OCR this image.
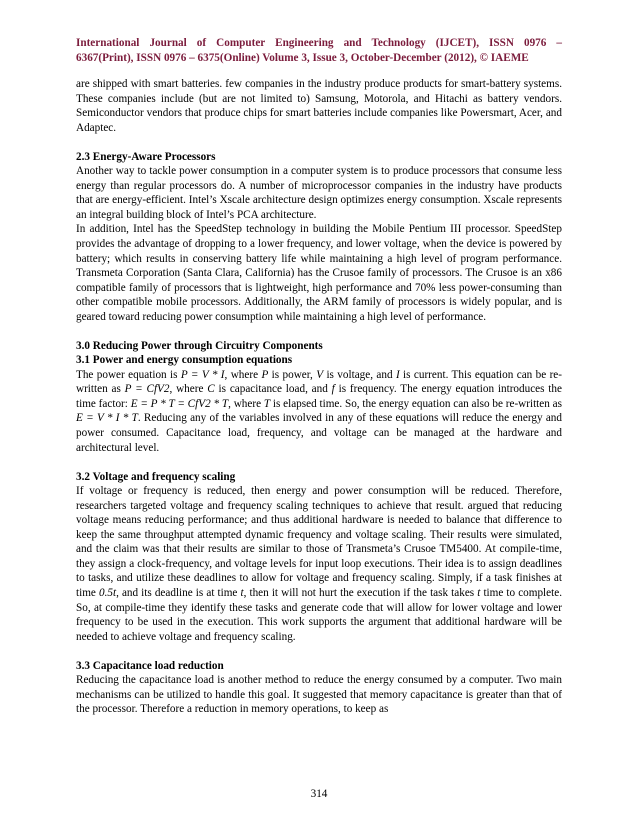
International Journal of Computer Engineering and Technology (IJCET), ISSN 0976 –
6367(Print), ISSN 0976 – 6375(Online) Volume 3, Issue 3, October-December (2012), © IAEME

are shipped with smart batteries. few companies in the industry produce products for smart-battery systems. These companies include (but are not limited to) Samsung, Motorola, and Hitachi as battery vendors. Semiconductor vendors that produce chips for smart batteries include companies like Powersmart, Acer, and Adaptec.

2.3 Energy-Aware Processors

Another way to tackle power consumption in a computer system is to produce processors that consume less energy than regular processors do. A number of microprocessor companies in the industry have products that are energy-efficient. Intel’s Xscale architecture design optimizes energy consumption. Xscale represents an integral building block of Intel’s PCA architecture.

In addition, Intel has the SpeedStep technology in building the Mobile Pentium III processor. SpeedStep provides the advantage of dropping to a lower frequency, and lower voltage, when the device is powered by battery; which results in conserving battery life while maintaining a high level of program performance. Transmeta Corporation (Santa Clara, California) has the Crusoe family of processors. The Crusoe is an x86 compatible family of processors that is lightweight, high performance and 70% less power-consuming than other compatible mobile processors. Additionally, the ARM family of processors is widely popular, and is geared toward reducing power consumption while maintaining a high level of performance.

3.0 Reducing Power through Circuitry Components
3.1 Power and energy consumption equations

The power equation is P = V * I, where P is power, V is voltage, and I is current. This equation can be re-written as P = CfV2, where C is capacitance load, and f is frequency. The energy equation introduces the time factor: E = P * T = CfV2 * T, where T is elapsed time. So, the energy equation can also be re-written as E = V * I * T. Reducing any of the variables involved in any of these equations will reduce the energy and power consumed. Capacitance load, frequency, and voltage can be managed at the hardware and architectural level.

3.2 Voltage and frequency scaling

If voltage or frequency is reduced, then energy and power consumption will be reduced. Therefore, researchers targeted voltage and frequency scaling techniques to achieve that result. argued that reducing voltage means reducing performance; and thus additional hardware is needed to balance that difference to keep the same throughput attempted dynamic frequency and voltage scaling. Their results were simulated, and the claim was that their results are similar to those of Transmeta’s Crusoe TM5400. At compile-time, they assign a clock-frequency, and voltage levels for input loop executions. Their idea is to assign deadlines to tasks, and utilize these deadlines to allow for voltage and frequency scaling. Simply, if a task finishes at time 0.5t, and its deadline is at time t, then it will not hurt the execution if the task takes t time to complete. So, at compile-time they identify these tasks and generate code that will allow for lower voltage and lower frequency to be used in the execution. This work supports the argument that additional hardware will be needed to achieve voltage and frequency scaling.

3.3 Capacitance load reduction

Reducing the capacitance load is another method to reduce the energy consumed by a computer. Two main mechanisms can be utilized to handle this goal. It suggested that memory capacitance is greater than that of the processor. Therefore a reduction in memory operations, to keep as

314
